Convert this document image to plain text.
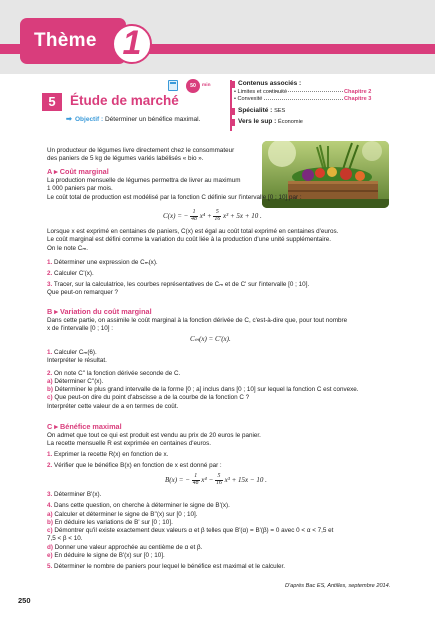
Thème 1
5	Étude de marché
50	min
➡ Objectif : Déterminer un bénéfice maximal.
Contenus associés :
• Limites et continuité	Chapitre 2
• Convexité	Chapitre 3
Spécialité : SES
Vers le sup : Économie
Un producteur de légumes livre directement chez le consommateur
des paniers de 5 kg de légumes variés labélisés « bio ».
A ▸ Coût marginal
La production mensuelle de légumes permettra de livrer au maximum
1 000 paniers par mois.
Le coût total de production est modélisé par la fonction C définie sur l'intervalle [0 ; 10] par :
C(x) = − $\frac{1}{48} x^4 + \frac{5}{16} x^3 + 5x + 10$ .
Lorsque x est exprimé en centaines de paniers, C(x) est égal au coût total exprimé en centaines d'euros.
Le coût marginal est défini comme la variation du coût liée à la production d'une unité supplémentaire.
On le note Cₘ.
1. Déterminer une expression de Cₘ(x).
2. Calculer C'(x).
3. Tracer, sur la calculatrice, les courbes représentatives de Cₘ et de C' sur l'intervalle [0 ; 10].
Que peut-on remarquer ?
B ▸ Variation du coût marginal
Dans cette partie, on assimile le coût marginal à la fonction dérivée de C, c'est-à-dire que, pour tout nombre
x de l'intervalle [0 ; 10] :
Cₘ(x) = C'(x).
1. Calculer Cₘ(6).
Interpréter le résultat.
2. On note C'' la fonction dérivée seconde de C.
a) Déterminer C''(x).
b) Déterminer le plus grand intervalle de la forme [0 ; a] inclus dans [0 ; 10] sur lequel la fonction C est convexe.
c) Que peut-on dire du point d'abscisse a de la courbe de la fonction C ?
Interpréter cette valeur de a en termes de coût.
C ▸ Bénéfice maximal
On admet que tout ce qui est produit est vendu au prix de 20 euros le panier.
La recette mensuelle R est exprimée en centaines d'euros.
1. Exprimer la recette R(x) en fonction de x.
2. Vérifier que le bénéfice B(x) en fonction de x est donné par :
B(x) = − $\frac{1}{48} x^4 - \frac{5}{16} x^3 + 15x - 10$ .
3. Déterminer B'(x).
4. Dans cette question, on cherche à déterminer le signe de B'(x).
a) Calculer et déterminer le signe de B''(x) sur [0 ; 10].
b) En déduire les variations de B' sur [0 ; 10].
c) Démontrer qu'il existe exactement deux valeurs α et β telles que B'(α) = B'(β) = 0 avec 0 < α < 7,5 et
7,5 < β < 10.
d) Donner une valeur approchée au centième de α et β.
e) En déduire le signe de B'(x) sur [0 ; 10].
5. Déterminer le nombre de paniers pour lequel le bénéfice est maximal et le calculer.
D'après Bac ES, Antilles, septembre 2014.
250
